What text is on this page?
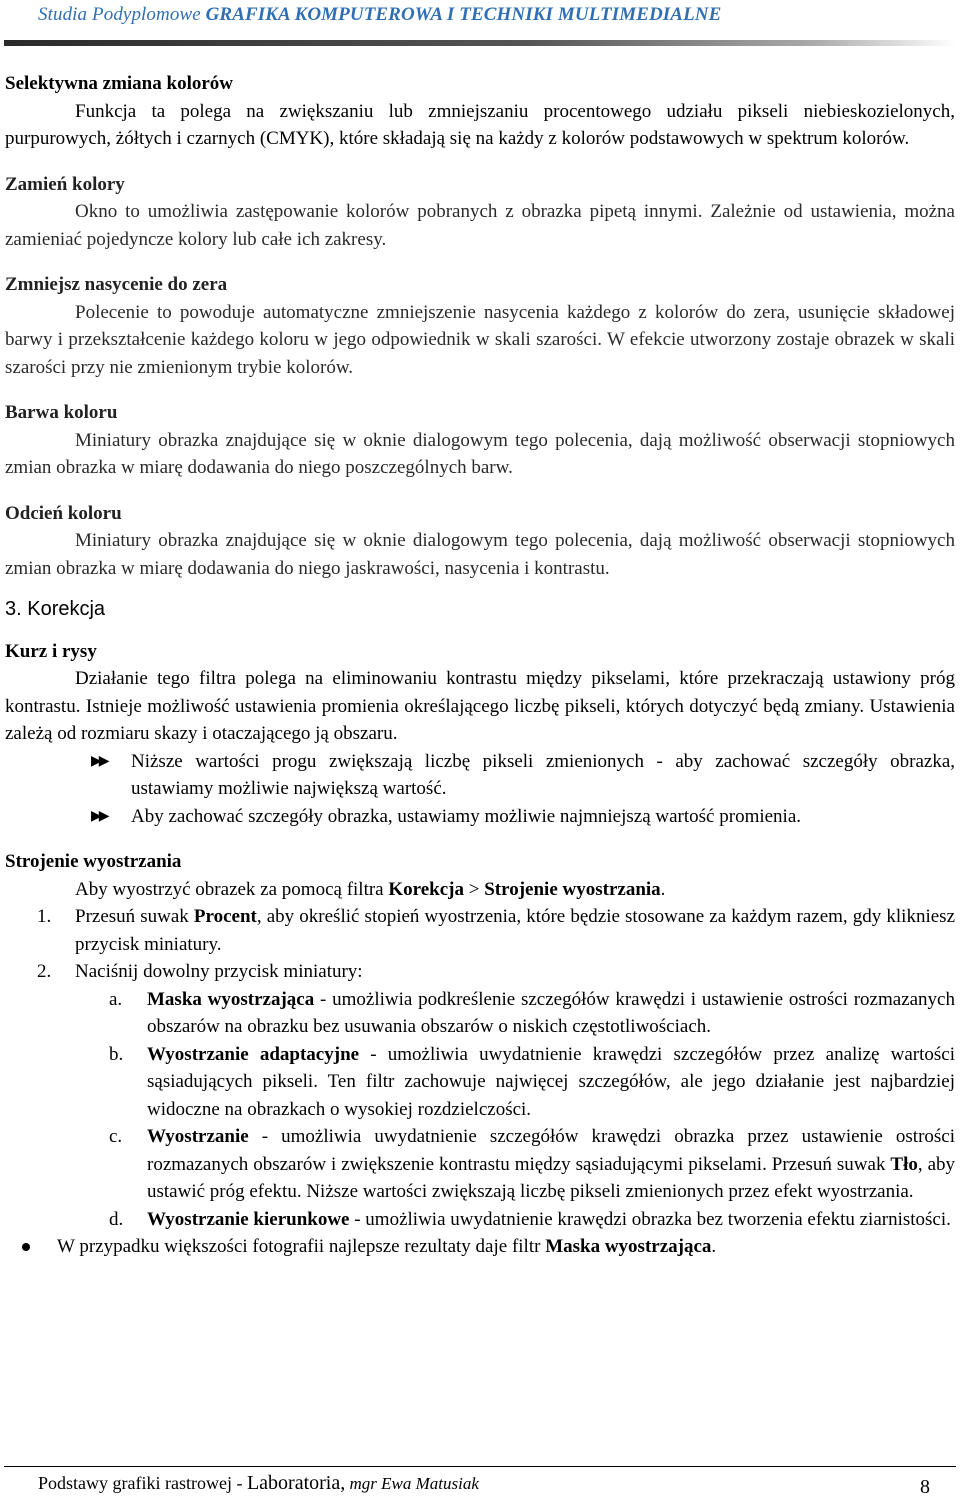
Studia Podyplomowe GRAFIKA KOMPUTEROWA I TECHNIKI MULTIMEDIALNE

Selektywna zmiana kolorów

Funkcja ta polega na zwiększaniu lub zmniejszaniu procentowego udziału pikseli niebieskozielonych, purpurowych, żółtych i czarnych (CMYK), które składają się na każdy z kolorów podstawowych w spektrum kolorów.

Zamień kolory

Okno to umożliwia zastępowanie kolorów pobranych z obrazka pipetą innymi. Zależnie od ustawienia, można zamieniać pojedyncze kolory lub całe ich zakresy.

Zmniejsz nasycenie do zera

Polecenie to powoduje automatyczne zmniejszenie nasycenia każdego z kolorów do zera, usunięcie składowej barwy i przekształcenie każdego koloru w jego odpowiednik w skali szarości. W efekcie utworzony zostaje obrazek w skali szarości przy nie zmienionym trybie kolorów.

Barwa koloru

Miniatury obrazka znajdujące się w oknie dialogowym tego polecenia, dają możliwość obserwacji stopniowych zmian obrazka w miarę dodawania do niego poszczególnych barw.

Odcień koloru

Miniatury obrazka znajdujące się w oknie dialogowym tego polecenia, dają możliwość obserwacji stopniowych zmian obrazka w miarę dodawania do niego jaskrawości, nasycenia i kontrastu.

3. Korekcja

Kurz i rysy

Działanie tego filtra polega na eliminowaniu kontrastu między pikselami, które przekraczają ustawiony próg kontrastu. Istnieje możliwość ustawienia promienia określającego liczbę pikseli, których dotyczyć będą zmiany. Ustawienia zależą od rozmiaru skazy i otaczającego ją obszaru.

▶▶ Niższe wartości progu zwiększają liczbę pikseli zmienionych - aby zachować szczegóły obrazka, ustawiamy możliwie największą wartość.

▶▶ Aby zachować szczegóły obrazka, ustawiamy możliwie najmniejszą wartość promienia.

Strojenie wyostrzania

Aby wyostrzyć obrazek za pomocą filtra Korekcja > Strojenie wyostrzania.

1. Przesuń suwak Procent, aby określić stopień wyostrzenia, które będzie stosowane za każdym razem, gdy klikniesz przycisk miniatury.

2. Naciśnij dowolny przycisk miniatury:

a. Maska wyostrzająca - umożliwia podkreślenie szczegółów krawędzi i ustawienie ostrości rozmazanych obszarów na obrazku bez usuwania obszarów o niskich częstotliwościach.

b. Wyostrzanie adaptacyjne - umożliwia uwydatnienie krawędzi szczegółów przez analizę wartości sąsiadujących pikseli. Ten filtr zachowuje najwięcej szczegółów, ale jego działanie jest najbardziej widoczne na obrazkach o wysokiej rozdzielczości.

c. Wyostrzanie - umożliwia uwydatnienie szczegółów krawędzi obrazka przez ustawienie ostrości rozmazanych obszarów i zwiększenie kontrastu między sąsiadującymi pikselami. Przesuń suwak Tło, aby ustawić próg efektu. Niższe wartości zwiększają liczbę pikseli zmienionych przez efekt wyostrzania.

d. Wyostrzanie kierunkowe - umożliwia uwydatnienie krawędzi obrazka bez tworzenia efektu ziarnistości.

W przypadku większości fotografii najlepsze rezultaty daje filtr Maska wyostrzająca.

Podstawy grafiki rastrowej - Laboratoria, mgr Ewa Matusiak	8
